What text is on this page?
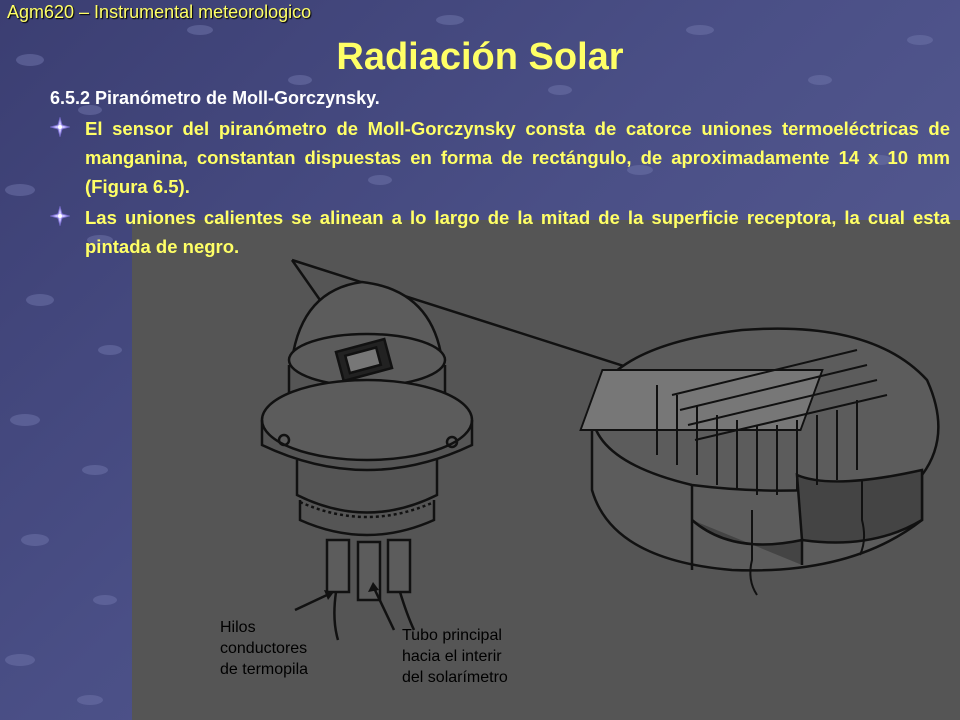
Agm620 – Instrumental meteorologico
Radiación Solar
6.5.2 Piranómetro de Moll-Gorczynsky.
El sensor del piranómetro de Moll-Gorczynsky consta de catorce uniones termoeléctricas de manganina, constantan dispuestas en forma de rectángulo, de aproximadamente 14 x 10 mm (Figura 6.5).
Las uniones calientes se alinean a lo largo de la mitad de la superficie receptora, la cual esta pintada de negro.
Hilos conductores de termopila
Tubo principal hacia el interir del solarímetro
